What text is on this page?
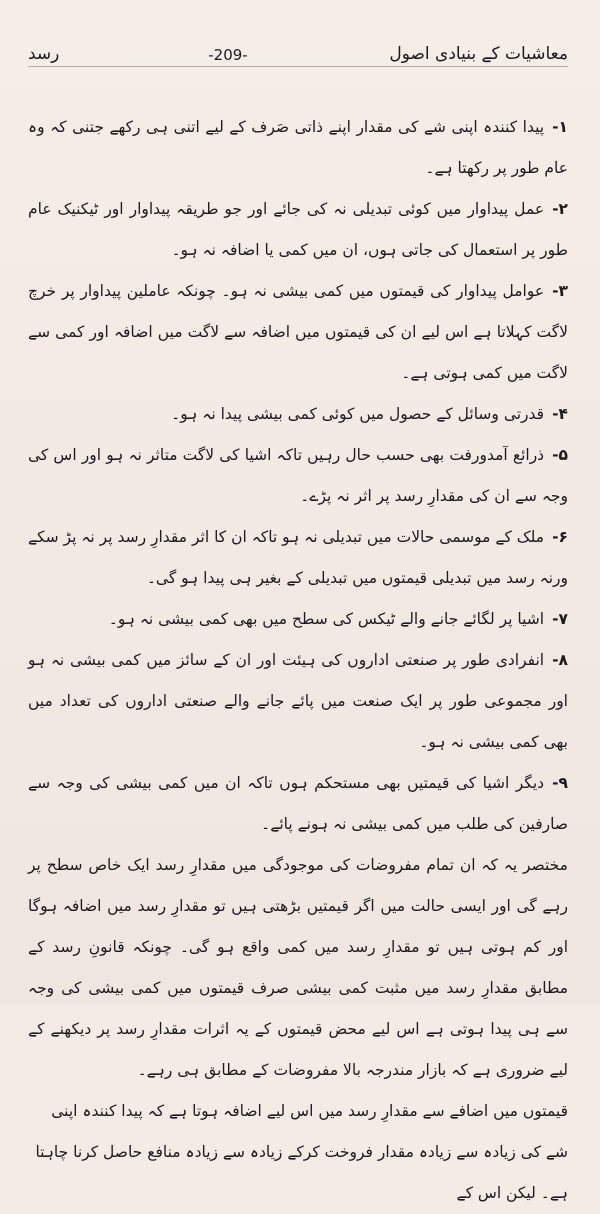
رسد	-209-	معاشیات کے بنیادی اصول

۱-پیدا کنندہ اپنی شے کی مقدار اپنے ذاتی صَرف کے لیے اتنی ہی رکھے جتنی کہ وہ عام طور پر رکھتا ہے۔

۲-عمل پیداوار میں کوئی تبدیلی نہ کی جائے اور جو طریقہ پیداوار اور ٹیکنیک عام طور پر استعمال کی جاتی ہوں، ان میں کمی یا اضافہ نہ ہو۔

۳-عوامل پیداوار کی قیمتوں میں کمی بیشی نہ ہو۔ چونکہ عاملین پیداوار پر خرچ لاگت کہلاتا ہے اس لیے ان کی قیمتوں میں اضافہ سے لاگت میں اضافہ اور کمی سے لاگت میں کمی ہوتی ہے۔

۴-قدرتی وسائل کے حصول میں کوئی کمی بیشی پیدا نہ ہو۔

۵-ذرائع آمدورفت بھی حسب حال رہیں تاکہ اشیا کی لاگت متاثر نہ ہو اور اس کی وجہ سے ان کی مقدارِ رسد پر اثر نہ پڑے۔

۶-ملک کے موسمی حالات میں تبدیلی نہ ہو تاکہ ان کا اثر مقدارِ رسد پر نہ پڑ سکے ورنہ رسد میں تبدیلی قیمتوں میں تبدیلی کے بغیر ہی پیدا ہو گی۔

۷-اشیا پر لگائے جانے والے ٹیکس کی سطح میں بھی کمی بیشی نہ ہو۔

۸-انفرادی طور پر صنعتی اداروں کی ہیئت اور ان کے سائز میں کمی بیشی نہ ہو اور مجموعی طور پر ایک صنعت میں پائے جانے والے صنعتی اداروں کی تعداد میں بھی کمی بیشی نہ ہو۔

۹-دیگر اشیا کی قیمتیں بھی مستحکم ہوں تاکہ ان میں کمی بیشی کی وجہ سے صارفین کی طلب میں کمی بیشی نہ ہونے پائے۔

مختصر یہ کہ ان تمام مفروضات کی موجودگی میں مقدارِ رسد ایک خاص سطح پر رہے گی اور ایسی حالت میں اگر قیمتیں بڑھتی ہیں تو مقدارِ رسد میں اضافہ ہوگا اور کم ہوتی ہیں تو مقدارِ رسد میں کمی واقع ہو گی۔ چونکہ قانونِ رسد کے مطابق مقدارِ رسد میں مثبت کمی بیشی صرف قیمتوں میں کمی بیشی کی وجہ سے ہی پیدا ہوتی ہے اس لیے محض قیمتوں کے یہ اثرات مقدارِ رسد پر دیکھنے کے لیے ضروری ہے کہ بازار مندرجہ بالا مفروضات کے مطابق ہی رہے۔

قیمتوں میں اضافے سے مقدارِ رسد میں اس لیے اضافہ ہوتا ہے کہ پیدا کنندہ اپنی شے کی زیادہ سے زیادہ مقدار فروخت کرکے زیادہ سے زیادہ منافع حاصل کرنا چاہتا ہے۔ لیکن اس کے
